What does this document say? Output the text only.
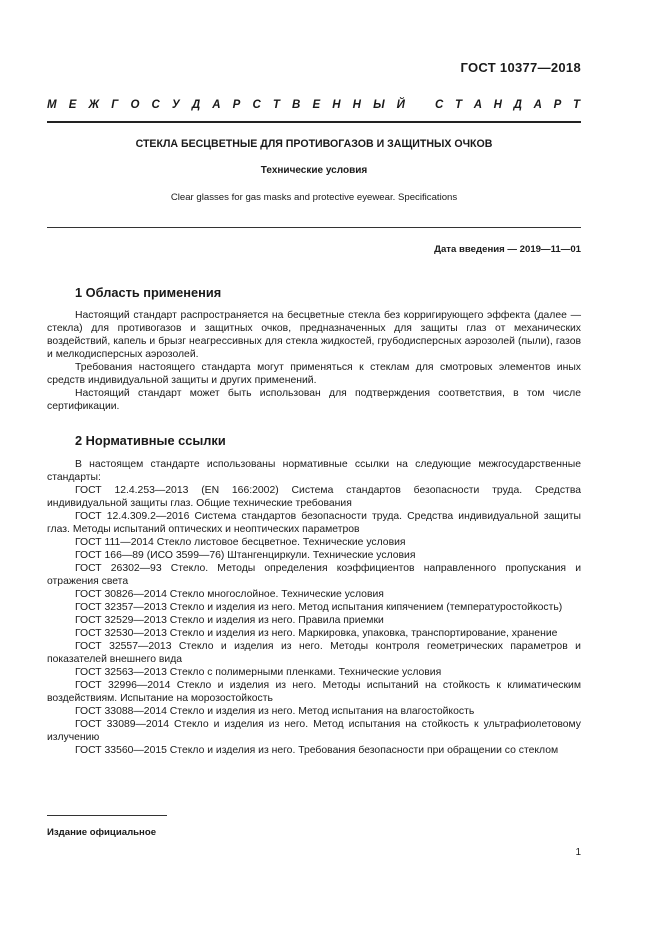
ГОСТ 10377—2018
М Е Ж Г О С У Д А Р С Т В Е Н Н Ы Й	С Т А Н Д А Р Т
СТЕКЛА БЕСЦВЕТНЫЕ ДЛЯ ПРОТИВОГАЗОВ И ЗАЩИТНЫХ ОЧКОВ
Технические условия
Clear glasses for gas masks and protective eyewear. Specifications
Дата введения — 2019—11—01
1 Область применения

Настоящий стандарт распространяется на бесцветные стекла без корригирующего эффекта (далее — стекла) для противогазов и защитных очков, предназначенных для защиты глаз от механических воздействий, капель и брызг неагрессивных для стекла жидкостей, грубодисперсных аэрозолей (пыли), газов и мелкодисперсных аэрозолей.

Требования настоящего стандарта могут применяться к стеклам для смотровых элементов иных средств индивидуальной защиты и других применений.

Настоящий стандарт может быть использован для подтверждения соответствия, в том числе сертификации.

2 Нормативные ссылки

В настоящем стандарте использованы нормативные ссылки на следующие межгосударственные стандарты:

ГОСТ 12.4.253—2013 (EN 166:2002) Система стандартов безопасности труда. Средства индивидуальной защиты глаз. Общие технические требования

ГОСТ 12.4.309.2—2016 Система стандартов безопасности труда. Средства индивидуальной защиты глаз. Методы испытаний оптических и неоптических параметров

ГОСТ 111—2014 Стекло листовое бесцветное. Технические условия

ГОСТ 166—89 (ИСО 3599—76) Штангенциркули. Технические условия

ГОСТ 26302—93 Стекло. Методы определения коэффициентов направленного пропускания и отражения света

ГОСТ 30826—2014 Стекло многослойное. Технические условия

ГОСТ 32357—2013 Стекло и изделия из него. Метод испытания кипячением (температуростойкость)

ГОСТ 32529—2013 Стекло и изделия из него. Правила приемки

ГОСТ 32530—2013 Стекло и изделия из него. Маркировка, упаковка, транспортирование, хранение

ГОСТ 32557—2013 Стекло и изделия из него. Методы контроля геометрических параметров и показателей внешнего вида

ГОСТ 32563—2013 Стекло с полимерными пленками. Технические условия

ГОСТ 32996—2014 Стекло и изделия из него. Методы испытаний на стойкость к климатическим воздействиям. Испытание на морозостойкость

ГОСТ 33088—2014 Стекло и изделия из него. Метод испытания на влагостойкость

ГОСТ 33089—2014 Стекло и изделия из него. Метод испытания на стойкость к ультрафиолетовому излучению

ГОСТ 33560—2015 Стекло и изделия из него. Требования безопасности при обращении со стеклом

Издание официальное
1
